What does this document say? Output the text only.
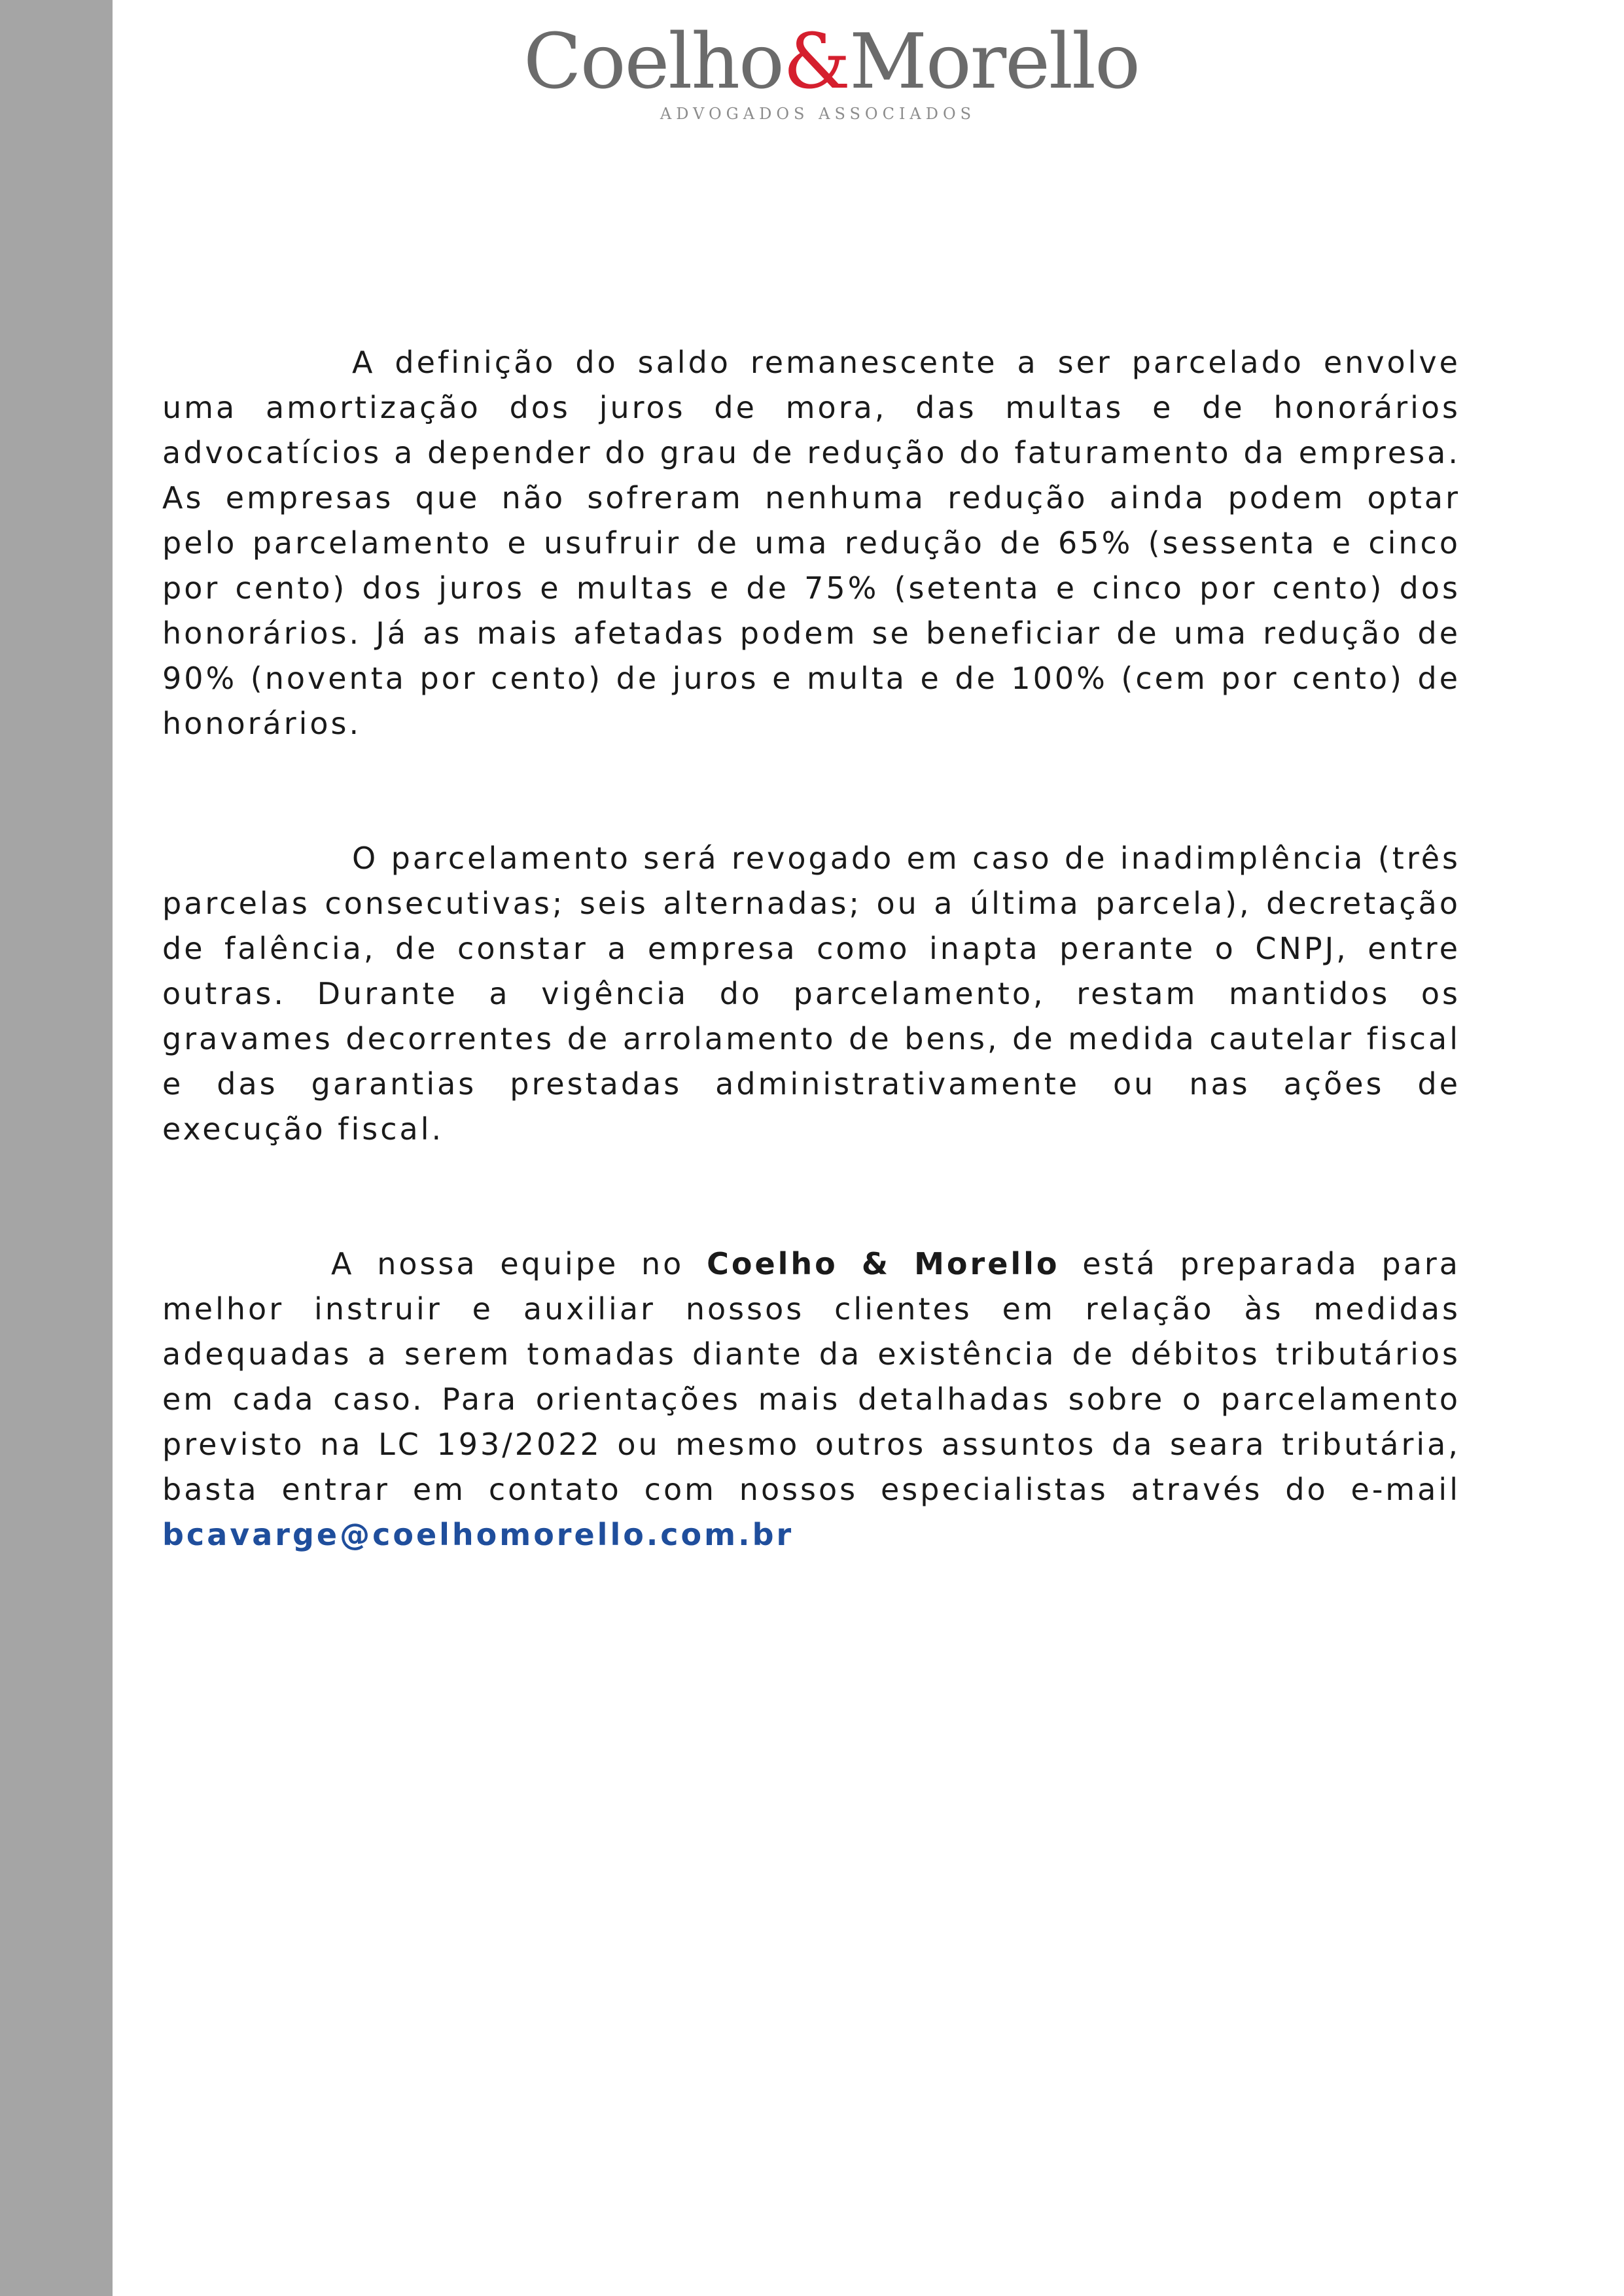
Coelho&Morello
ADVOGADOS ASSOCIADOS

A definição do saldo remanescente a ser parcelado envolve uma amortização dos juros de mora, das multas e de honorários advocatícios a depender do grau de redução do faturamento da empresa. As empresas que não sofreram nenhuma redução ainda podem optar pelo parcelamento e usufruir de uma redução de 65% (sessenta e cinco por cento) dos juros e multas e de 75% (setenta e cinco por cento) dos honorários. Já as mais afetadas podem se beneficiar de uma redução de 90% (noventa por cento) de juros e multa e de 100% (cem por cento) de honorários.

O parcelamento será revogado em caso de inadimplência (três parcelas consecutivas; seis alternadas; ou a última parcela), decretação de falência, de constar a empresa como inapta perante o CNPJ, entre outras. Durante a vigência do parcelamento, restam mantidos os gravames decorrentes de arrolamento de bens, de medida cautelar fiscal e das garantias prestadas administrativamente ou nas ações de execução fiscal.

A nossa equipe no Coelho & Morello está preparada para melhor instruir e auxiliar nossos clientes em relação às medidas adequadas a serem tomadas diante da existência de débitos tributários em cada caso. Para orientações mais detalhadas sobre o parcelamento previsto na LC 193/2022 ou mesmo outros assuntos da seara tributária, basta entrar em contato com nossos especialistas através do e-mail bcavarge@coelhomorello.com.br
